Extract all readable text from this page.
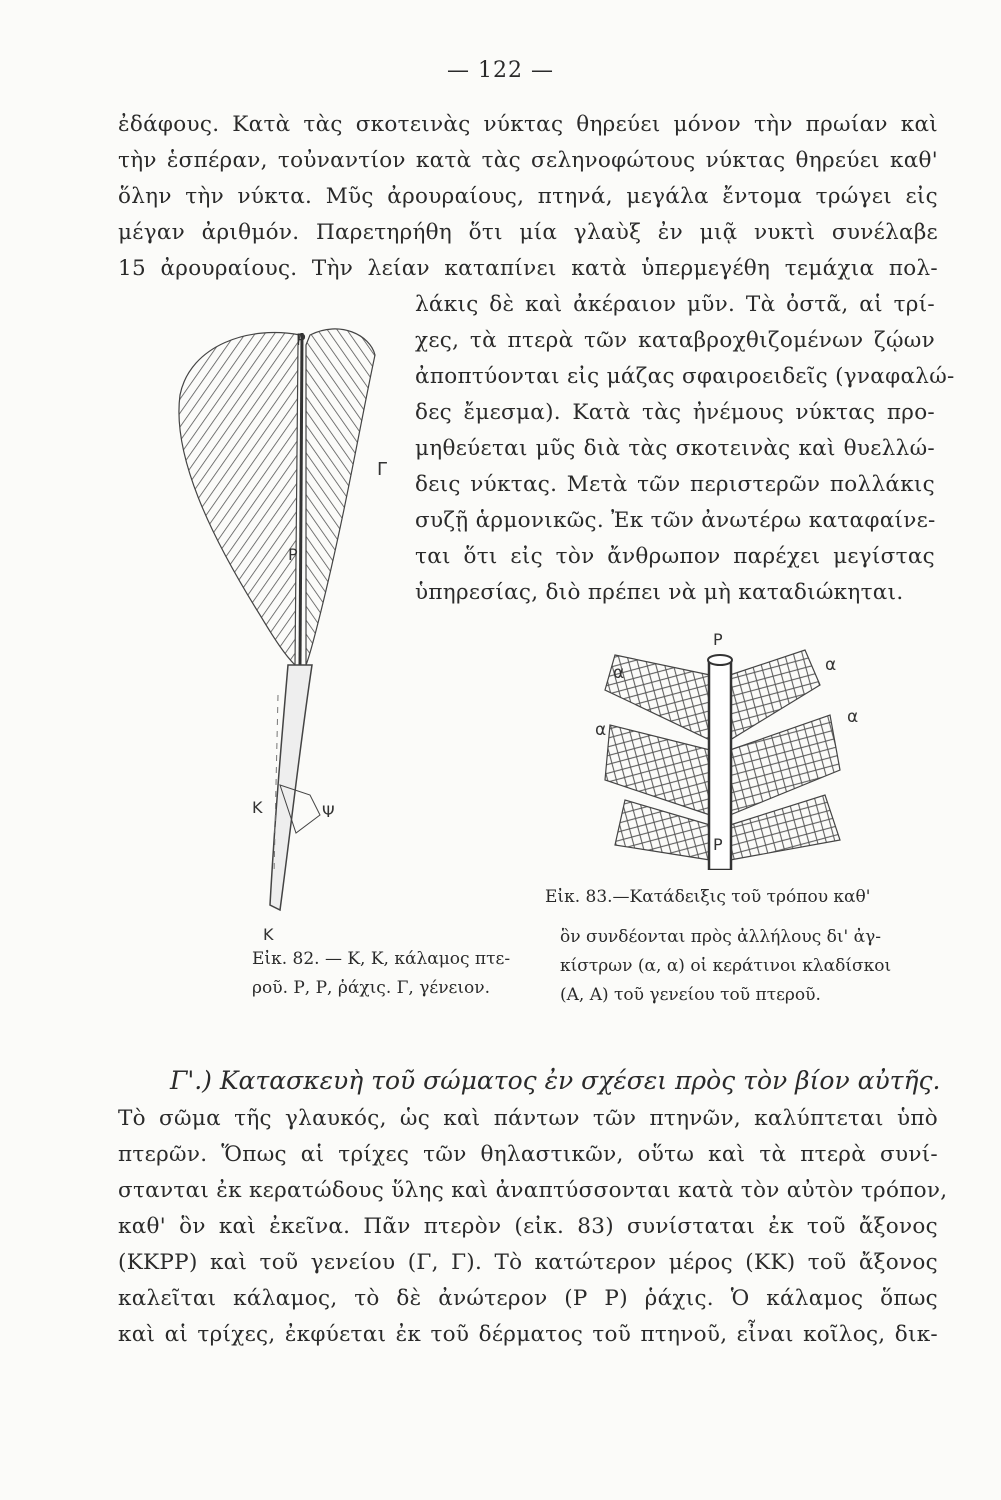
— 122 —
ἐδάφους. Κατὰ τὰς σκοτεινὰς νύκτας θηρεύει μόνον τὴν πρωίαν καὶ
τὴν ἑσπέραν, τοὐναντίον κατὰ τὰς σεληνοφώτους νύκτας θηρεύει καθ'
ὅλην τὴν νύκτα. Μῦς ἀρουραίους, πτηνά, μεγάλα ἔντομα τρώγει εἰς
μέγαν ἀριθμόν. Παρετηρήθη ὅτι μία γλαὺξ ἐν μιᾷ νυκτὶ συνέλαβε
15 ἀρουραίους. Τὴν λείαν καταπίνει κατὰ ὑπερμεγέθη τεμάχια πολ-
λάκις δὲ καὶ ἀκέραιον μῦν. Τὰ ὀστᾶ, αἱ τρί-
χες, τὰ πτερὰ τῶν καταβροχθιζομένων ζῴων
ἀποπτύονται εἰς μάζας σφαιροειδεῖς (γναφαλώ-
δες ἔμεσμα). Κατὰ τὰς ἠνέμους νύκτας προ-
μηθεύεται μῦς διὰ τὰς σκοτεινὰς καὶ θυελλώ-
δεις νύκτας. Μετὰ τῶν περιστερῶν πολλάκις
συζῇ ἁρμονικῶς. Ἐκ τῶν ἀνωτέρω καταφαίνε-
ται ὅτι εἰς τὸν ἄνθρωπον παρέχει μεγίστας
ὑπηρεσίας, διὸ πρέπει νὰ μὴ καταδιώκηται.
P
Γ
P
K	Ψ
K
Εἰκ. 82. — Κ, Κ, κάλαμος πτε-
ροῦ. Ρ, Ρ, ῥάχις. Γ, γένειον.
P
α
α
α
α
P
Εἰκ. 83.—Κατάδειξις τοῦ τρόπου καθ'
ὃν συνδέονται πρὸς ἀλλήλους δι' ἀγ-
κίστρων (α, α) οἱ κεράτινοι κλαδίσκοι
(Α, Α) τοῦ γενείου τοῦ πτεροῦ.
Γ'.) Κατασκευὴ τοῦ σώματος ἐν σχέσει πρὸς τὸν βίον αὐτῆς.
Τὸ σῶμα τῆς γλαυκός, ὡς καὶ πάντων τῶν πτηνῶν, καλύπτεται ὑπὸ
πτερῶν. Ὅπως αἱ τρίχες τῶν θηλαστικῶν, οὕτω καὶ τὰ πτερὰ συνί-
στανται ἐκ κερατώδους ὕλης καὶ ἀναπτύσσονται κατὰ τὸν αὐτὸν τρόπον,
καθ' ὃν καὶ ἐκεῖνα. Πᾶν πτερὸν (εἰκ. 83) συνίσταται ἐκ τοῦ ἄξονος
(ΚΚΡΡ) καὶ τοῦ γενείου (Γ, Γ). Τὸ κατώτερον μέρος (ΚΚ) τοῦ ἄξονος
καλεῖται κάλαμος, τὸ δὲ ἀνώτερον (Ρ Ρ) ῥάχις. Ὁ κάλαμος ὅπως
καὶ αἱ τρίχες, ἐκφύεται ἐκ τοῦ δέρματος τοῦ πτηνοῦ, εἶναι κοῖλος, δικ-
